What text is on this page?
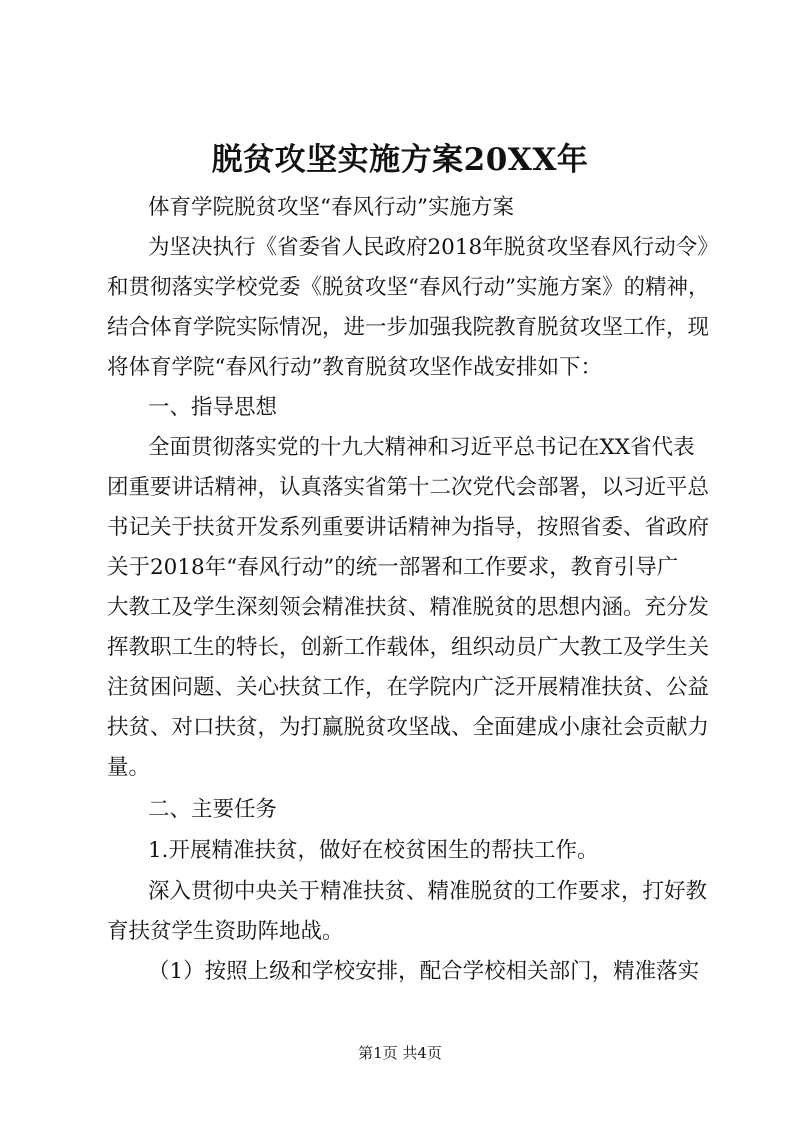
脱贫攻坚实施方案20XX年

体育学院脱贫攻坚“春风行动”实施方案

为坚决执行《省委省人民政府2018年脱贫攻坚春风行动令》

和贯彻落实学校党委《脱贫攻坚“春风行动”实施方案》的精神，

结合体育学院实际情况，进一步加强我院教育脱贫攻坚工作，现

将体育学院“春风行动”教育脱贫攻坚作战安排如下：

一、指导思想

全面贯彻落实党的十九大精神和习近平总书记在XX省代表

团重要讲话精神，认真落实省第十二次党代会部署，以习近平总

书记关于扶贫开发系列重要讲话精神为指导，按照省委、省政府

关于2018年“春风行动”的统一部署和工作要求，教育引导广

大教工及学生深刻领会精准扶贫、精准脱贫的思想内涵。充分发

挥教职工生的特长，创新工作载体，组织动员广大教工及学生关

注贫困问题、关心扶贫工作，在学院内广泛开展精准扶贫、公益

扶贫、对口扶贫，为打赢脱贫攻坚战、全面建成小康社会贡献力

量。

二、主要任务

1.开展精准扶贫，做好在校贫困生的帮扶工作。

深入贯彻中央关于精准扶贫、精准脱贫的工作要求，打好教

育扶贫学生资助阵地战。

（1）按照上级和学校安排，配合学校相关部门，精准落实

第1页 共4页
